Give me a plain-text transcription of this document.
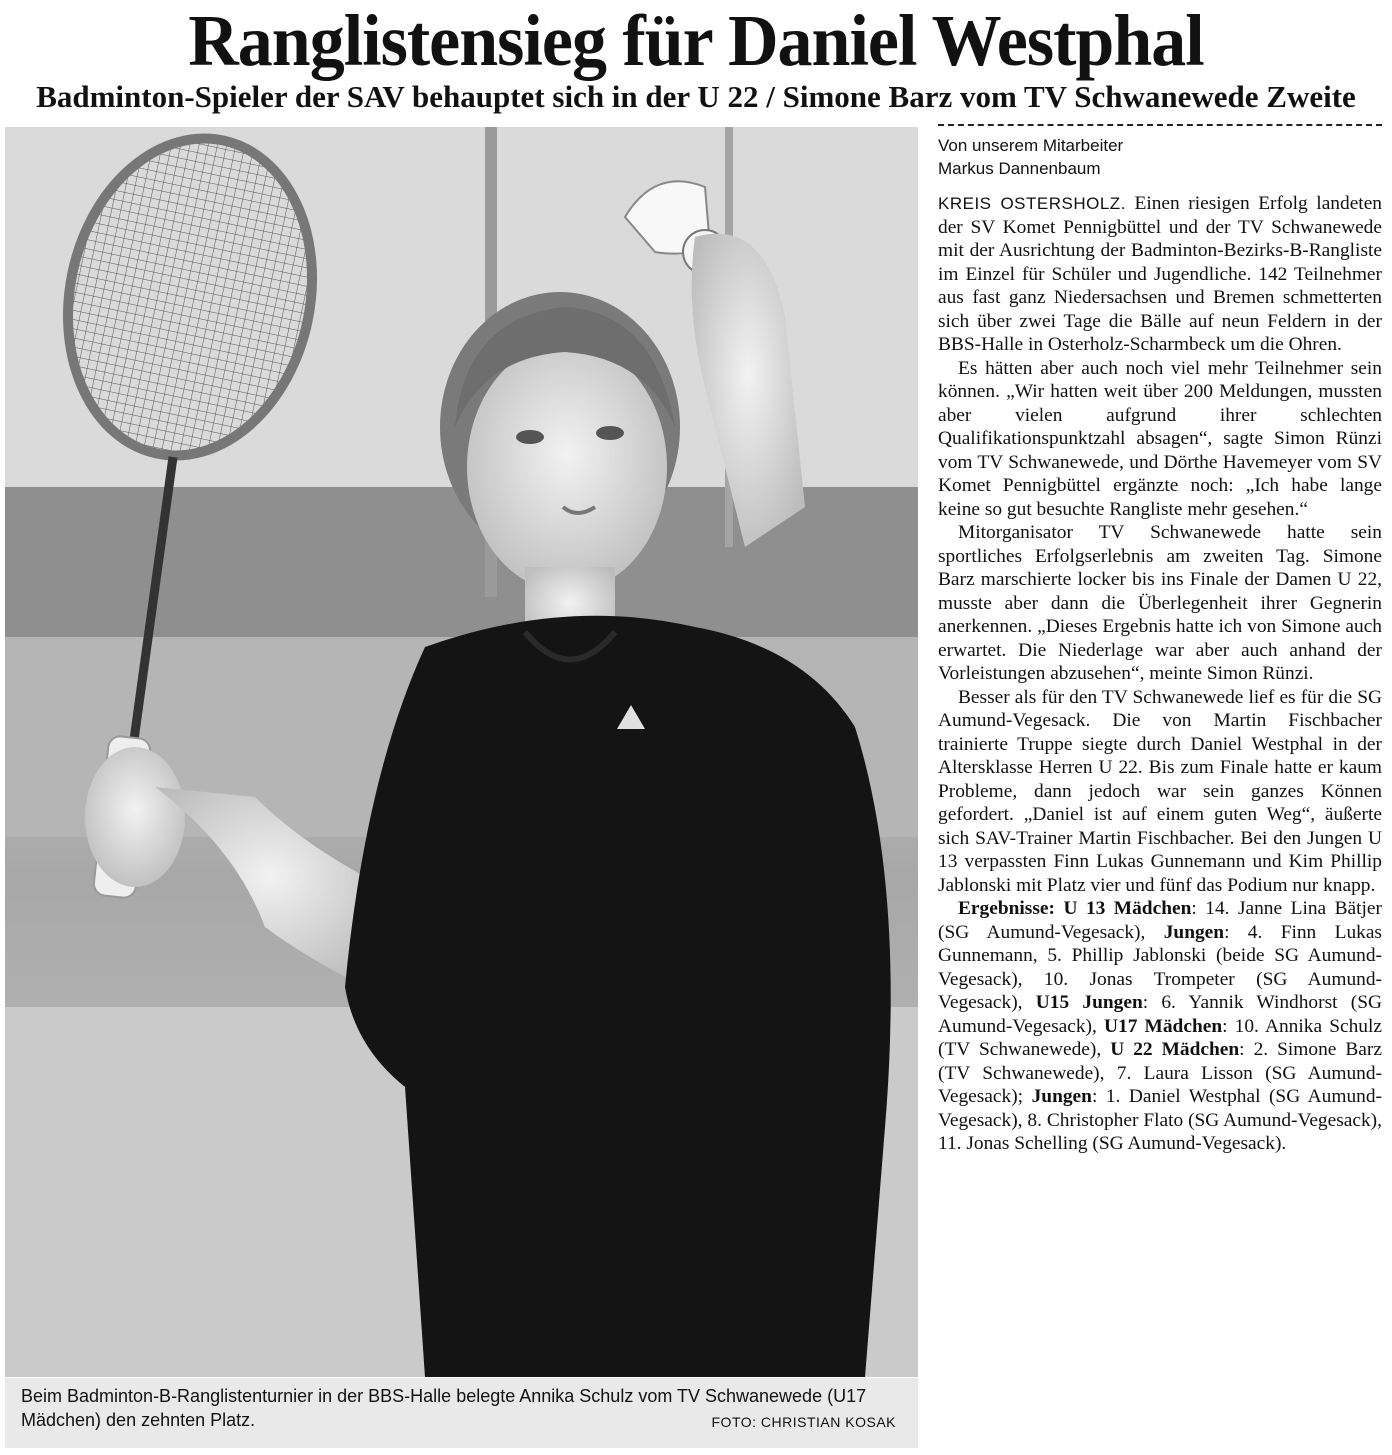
Ranglistensieg für Daniel Westphal
Badminton-Spieler der SAV behauptet sich in der U 22 / Simone Barz vom TV Schwanewede Zweite
Beim Badminton-B-Ranglistenturnier in der BBS-Halle belegte Annika Schulz vom TV Schwanewede (U17 Mädchen) den zehnten Platz.	FOTO: CHRISTIAN KOSAK
Von unserem Mitarbeiter
Markus Dannenbaum

KREIS OSTERSHOLZ. Einen riesigen Erfolg landeten der SV Komet Pennigbüttel und der TV Schwanewede mit der Ausrichtung der Badminton-Bezirks-B-Rangliste im Einzel für Schüler und Jugendliche. 142 Teilnehmer aus fast ganz Niedersachsen und Bremen schmetterten sich über zwei Tage die Bälle auf neun Feldern in der BBS-Halle in Osterholz-Scharmbeck um die Ohren.

Es hätten aber auch noch viel mehr Teilnehmer sein können. „Wir hatten weit über 200 Meldungen, mussten aber vielen aufgrund ihrer schlechten Qualifikationspunktzahl absagen“, sagte Simon Rünzi vom TV Schwanewede, und Dörthe Havemeyer vom SV Komet Pennigbüttel ergänzte noch: „Ich habe lange keine so gut besuchte Rangliste mehr gesehen.“

Mitorganisator TV Schwanewede hatte sein sportliches Erfolgserlebnis am zweiten Tag. Simone Barz marschierte locker bis ins Finale der Damen U 22, musste aber dann die Überlegenheit ihrer Gegnerin anerkennen. „Dieses Ergebnis hatte ich von Simone auch erwartet. Die Niederlage war aber auch anhand der Vorleistungen abzusehen“, meinte Simon Rünzi.

Besser als für den TV Schwanewede lief es für die SG Aumund-Vegesack. Die von Martin Fischbacher trainierte Truppe siegte durch Daniel Westphal in der Altersklasse Herren U 22. Bis zum Finale hatte er kaum Probleme, dann jedoch war sein ganzes Können gefordert. „Daniel ist auf einem guten Weg“, äußerte sich SAV-Trainer Martin Fischbacher. Bei den Jungen U 13 verpassten Finn Lukas Gunnemann und Kim Phillip Jablonski mit Platz vier und fünf das Podium nur knapp.

Ergebnisse: U 13 Mädchen: 14. Janne Lina Bätjer (SG Aumund-Vegesack), Jungen: 4. Finn Lukas Gunnemann, 5. Phillip Jablonski (beide SG Aumund-Vegesack), 10. Jonas Trompeter (SG Aumund-Vegesack), U15 Jungen: 6. Yannik Windhorst (SG Aumund-Vegesack), U17 Mädchen: 10. Annika Schulz (TV Schwanewede), U 22 Mädchen: 2. Simone Barz (TV Schwanewede), 7. Laura Lisson (SG Aumund-Vegesack); Jungen: 1. Daniel Westphal (SG Aumund-Vegesack), 8. Christopher Flato (SG Aumund-Vegesack), 11. Jonas Schelling (SG Aumund-Vegesack).
